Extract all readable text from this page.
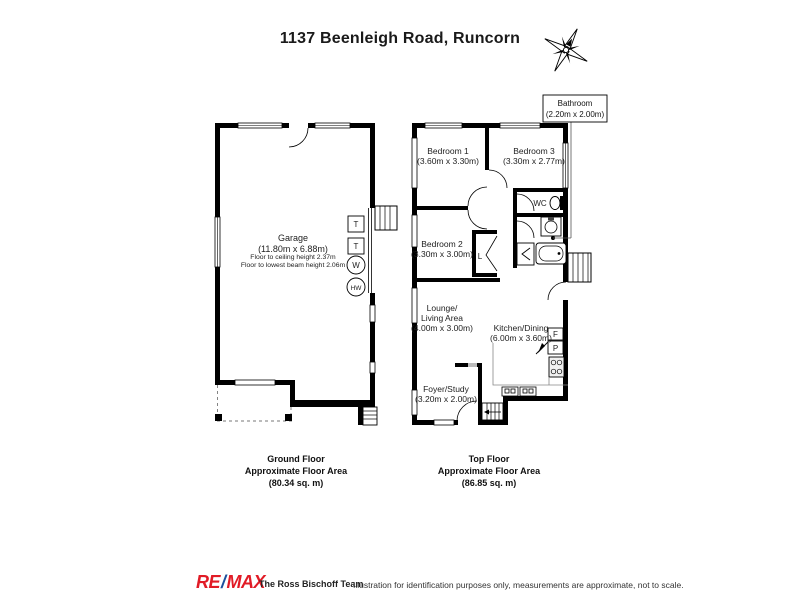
1137 Beenleigh Road, Runcorn
T
T
W
HW
WC
L
F
P
Garage
(11.80m x 6.88m)
Floor to ceiling height 2.37m
Floor to lowest beam height 2.06m
Bedroom 1
(3.60m x 3.30m)
Bedroom 3
(3.30m x 2.77m)
Bedroom 2
(3.30m x 3.00m)
Lounge/
Living Area
(4.00m x 3.00m)	Kitchen/Dining
(6.00m x 3.60m)
Foyer/Study
(3.20m x 2.00m)
Bathroom
(2.20m x 2.00m)
Ground Floor
Approximate Floor Area
(80.34 sq. m)
Top Floor
Approximate Floor Area
(86.85 sq. m)
RE/MAX
The Ross Bischoff Team
Illustration for identification purposes only, measurements are approximate, not to scale.
